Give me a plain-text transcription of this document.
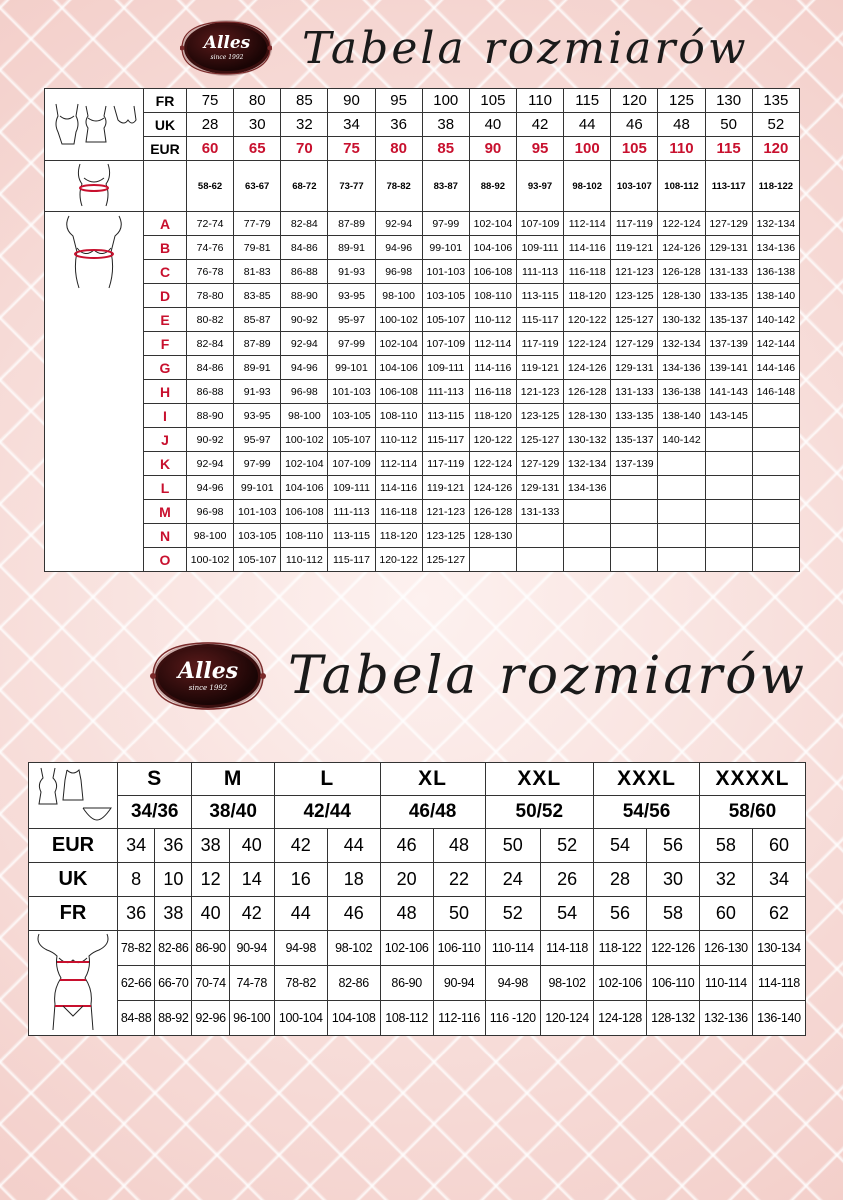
Alles
since 1992 Tabela rozmiarów
	FR	75	80	85	90	95	100	105	110	115	120	125	130	135
	UK	28	30	32	34	36	38	40	42	44	46	48	50	52
	EUR	60	65	70	75	80	85	90	95	100	105	110	115	120
		58-62	63-67	68-72	73-77	78-82	83-87	88-92	93-97	98-102	103-107	108-112	113-117	118-122
	A	72-74	77-79	82-84	87-89	92-94	97-99	102-104	107-109	112-114	117-119	122-124	127-129	132-134
	B	74-76	79-81	84-86	89-91	94-96	99-101	104-106	109-111	114-116	119-121	124-126	129-131	134-136
	C	76-78	81-83	86-88	91-93	96-98	101-103	106-108	111-113	116-118	121-123	126-128	131-133	136-138
	D	78-80	83-85	88-90	93-95	98-100	103-105	108-110	113-115	118-120	123-125	128-130	133-135	138-140
	E	80-82	85-87	90-92	95-97	100-102	105-107	110-112	115-117	120-122	125-127	130-132	135-137	140-142
	F	82-84	87-89	92-94	97-99	102-104	107-109	112-114	117-119	122-124	127-129	132-134	137-139	142-144
	G	84-86	89-91	94-96	99-101	104-106	109-111	114-116	119-121	124-126	129-131	134-136	139-141	144-146
	H	86-88	91-93	96-98	101-103	106-108	111-113	116-118	121-123	126-128	131-133	136-138	141-143	146-148
	I	88-90	93-95	98-100	103-105	108-110	113-115	118-120	123-125	128-130	133-135	138-140	143-145	
	J	90-92	95-97	100-102	105-107	110-112	115-117	120-122	125-127	130-132	135-137	140-142		
	K	92-94	97-99	102-104	107-109	112-114	117-119	122-124	127-129	132-134	137-139			
	L	94-96	99-101	104-106	109-111	114-116	119-121	124-126	129-131	134-136				
	M	96-98	101-103	106-108	111-113	116-118	121-123	126-128	131-133					
	N	98-100	103-105	108-110	113-115	118-120	123-125	128-130						
	O	100-102	105-107	110-112	115-117	120-122	125-127							
Alles
since 1992 Tabela rozmiarów
	S		M		L		XL		XXL		XXXL		XXXXL	
	34/36		38/40		42/44		46/48		50/52		54/56		58/60	
EUR	34	36	38	40	42	44	46	48	50	52	54	56	58	60
UK	8	10	12	14	16	18	20	22	24	26	28	30	32	34
FR	36	38	40	42	44	46	48	50	52	54	56	58	60	62
	78-82	82-86	86-90	90-94	94-98	98-102	102-106	106-110	110-114	114-118	118-122	122-126	126-130	130-134
	62-66	66-70	70-74	74-78	78-82	82-86	86-90	90-94	94-98	98-102	102-106	106-110	110-114	114-118
	84-88	88-92	92-96	96-100	100-104	104-108	108-112	112-116	116 -120	120-124	124-128	128-132	132-136	136-140
